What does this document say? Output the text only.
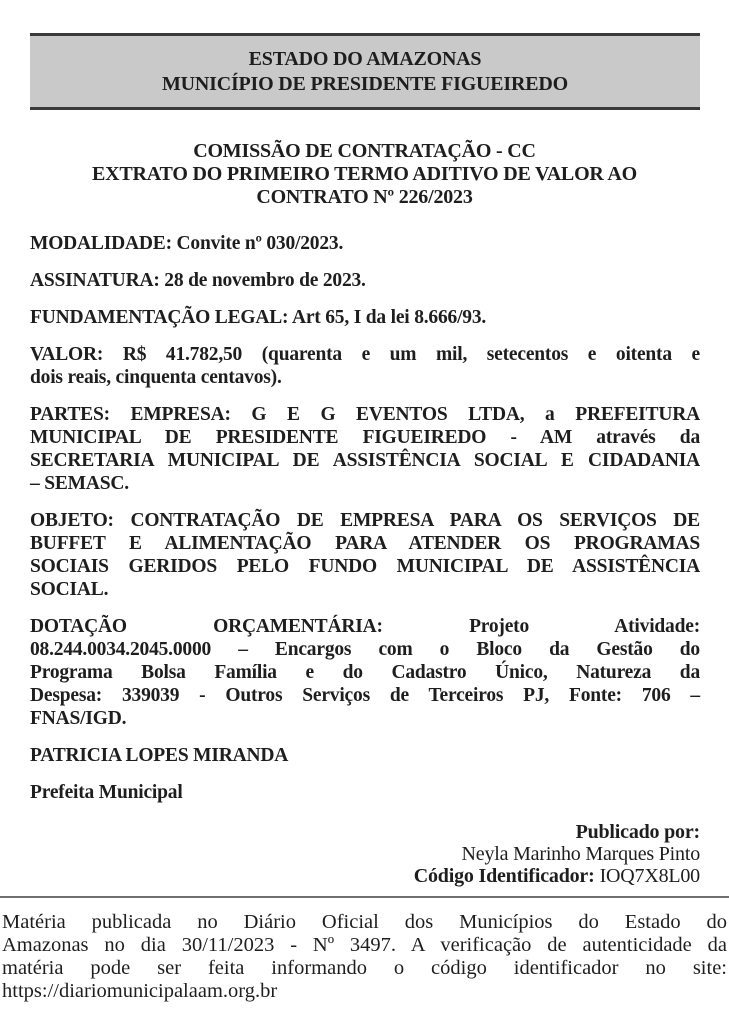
ESTADO DO AMAZONAS
MUNICÍPIO DE PRESIDENTE FIGUEIREDO
COMISSÃO DE CONTRATAÇÃO - CC
EXTRATO DO PRIMEIRO TERMO ADITIVO DE VALOR AO
CONTRATO Nº 226/2023

MODALIDADE: Convite nº 030/2023.

ASSINATURA: 28 de novembro de 2023.

FUNDAMENTAÇÃO LEGAL: Art 65, I da lei 8.666/93.

VALOR: R$ 41.782,50 (quarenta e um mil, setecentos e oitenta e
dois reais, cinquenta centavos).
PARTES: EMPRESA: G E G EVENTOS LTDA, a PREFEITURA
MUNICIPAL DE PRESIDENTE FIGUEIREDO - AM através da
SECRETARIA MUNICIPAL DE ASSISTÊNCIA SOCIAL E CIDADANIA
– SEMASC.
OBJETO: CONTRATAÇÃO DE EMPRESA PARA OS SERVIÇOS DE
BUFFET E ALIMENTAÇÃO PARA ATENDER OS PROGRAMAS
SOCIAIS GERIDOS PELO FUNDO MUNICIPAL DE ASSISTÊNCIA
SOCIAL.
DOTAÇÃO ORÇAMENTÁRIA: Projeto Atividade:
08.244.0034.2045.0000 – Encargos com o Bloco da Gestão do
Programa Bolsa Família e do Cadastro Único, Natureza da
Despesa: 339039 - Outros Serviços de Terceiros PJ, Fonte: 706 –
FNAS/IGD.

PATRICIA LOPES MIRANDA

Prefeita Municipal

Publicado por:
Neyla Marinho Marques Pinto
Código Identificador: IOQ7X8L00
Matéria publicada no Diário Oficial dos Municípios do Estado do
Amazonas no dia 30/11/2023 - Nº 3497. A verificação de autenticidade da
matéria pode ser feita informando o código identificador no site:
https://diariomunicipalaam.org.br
